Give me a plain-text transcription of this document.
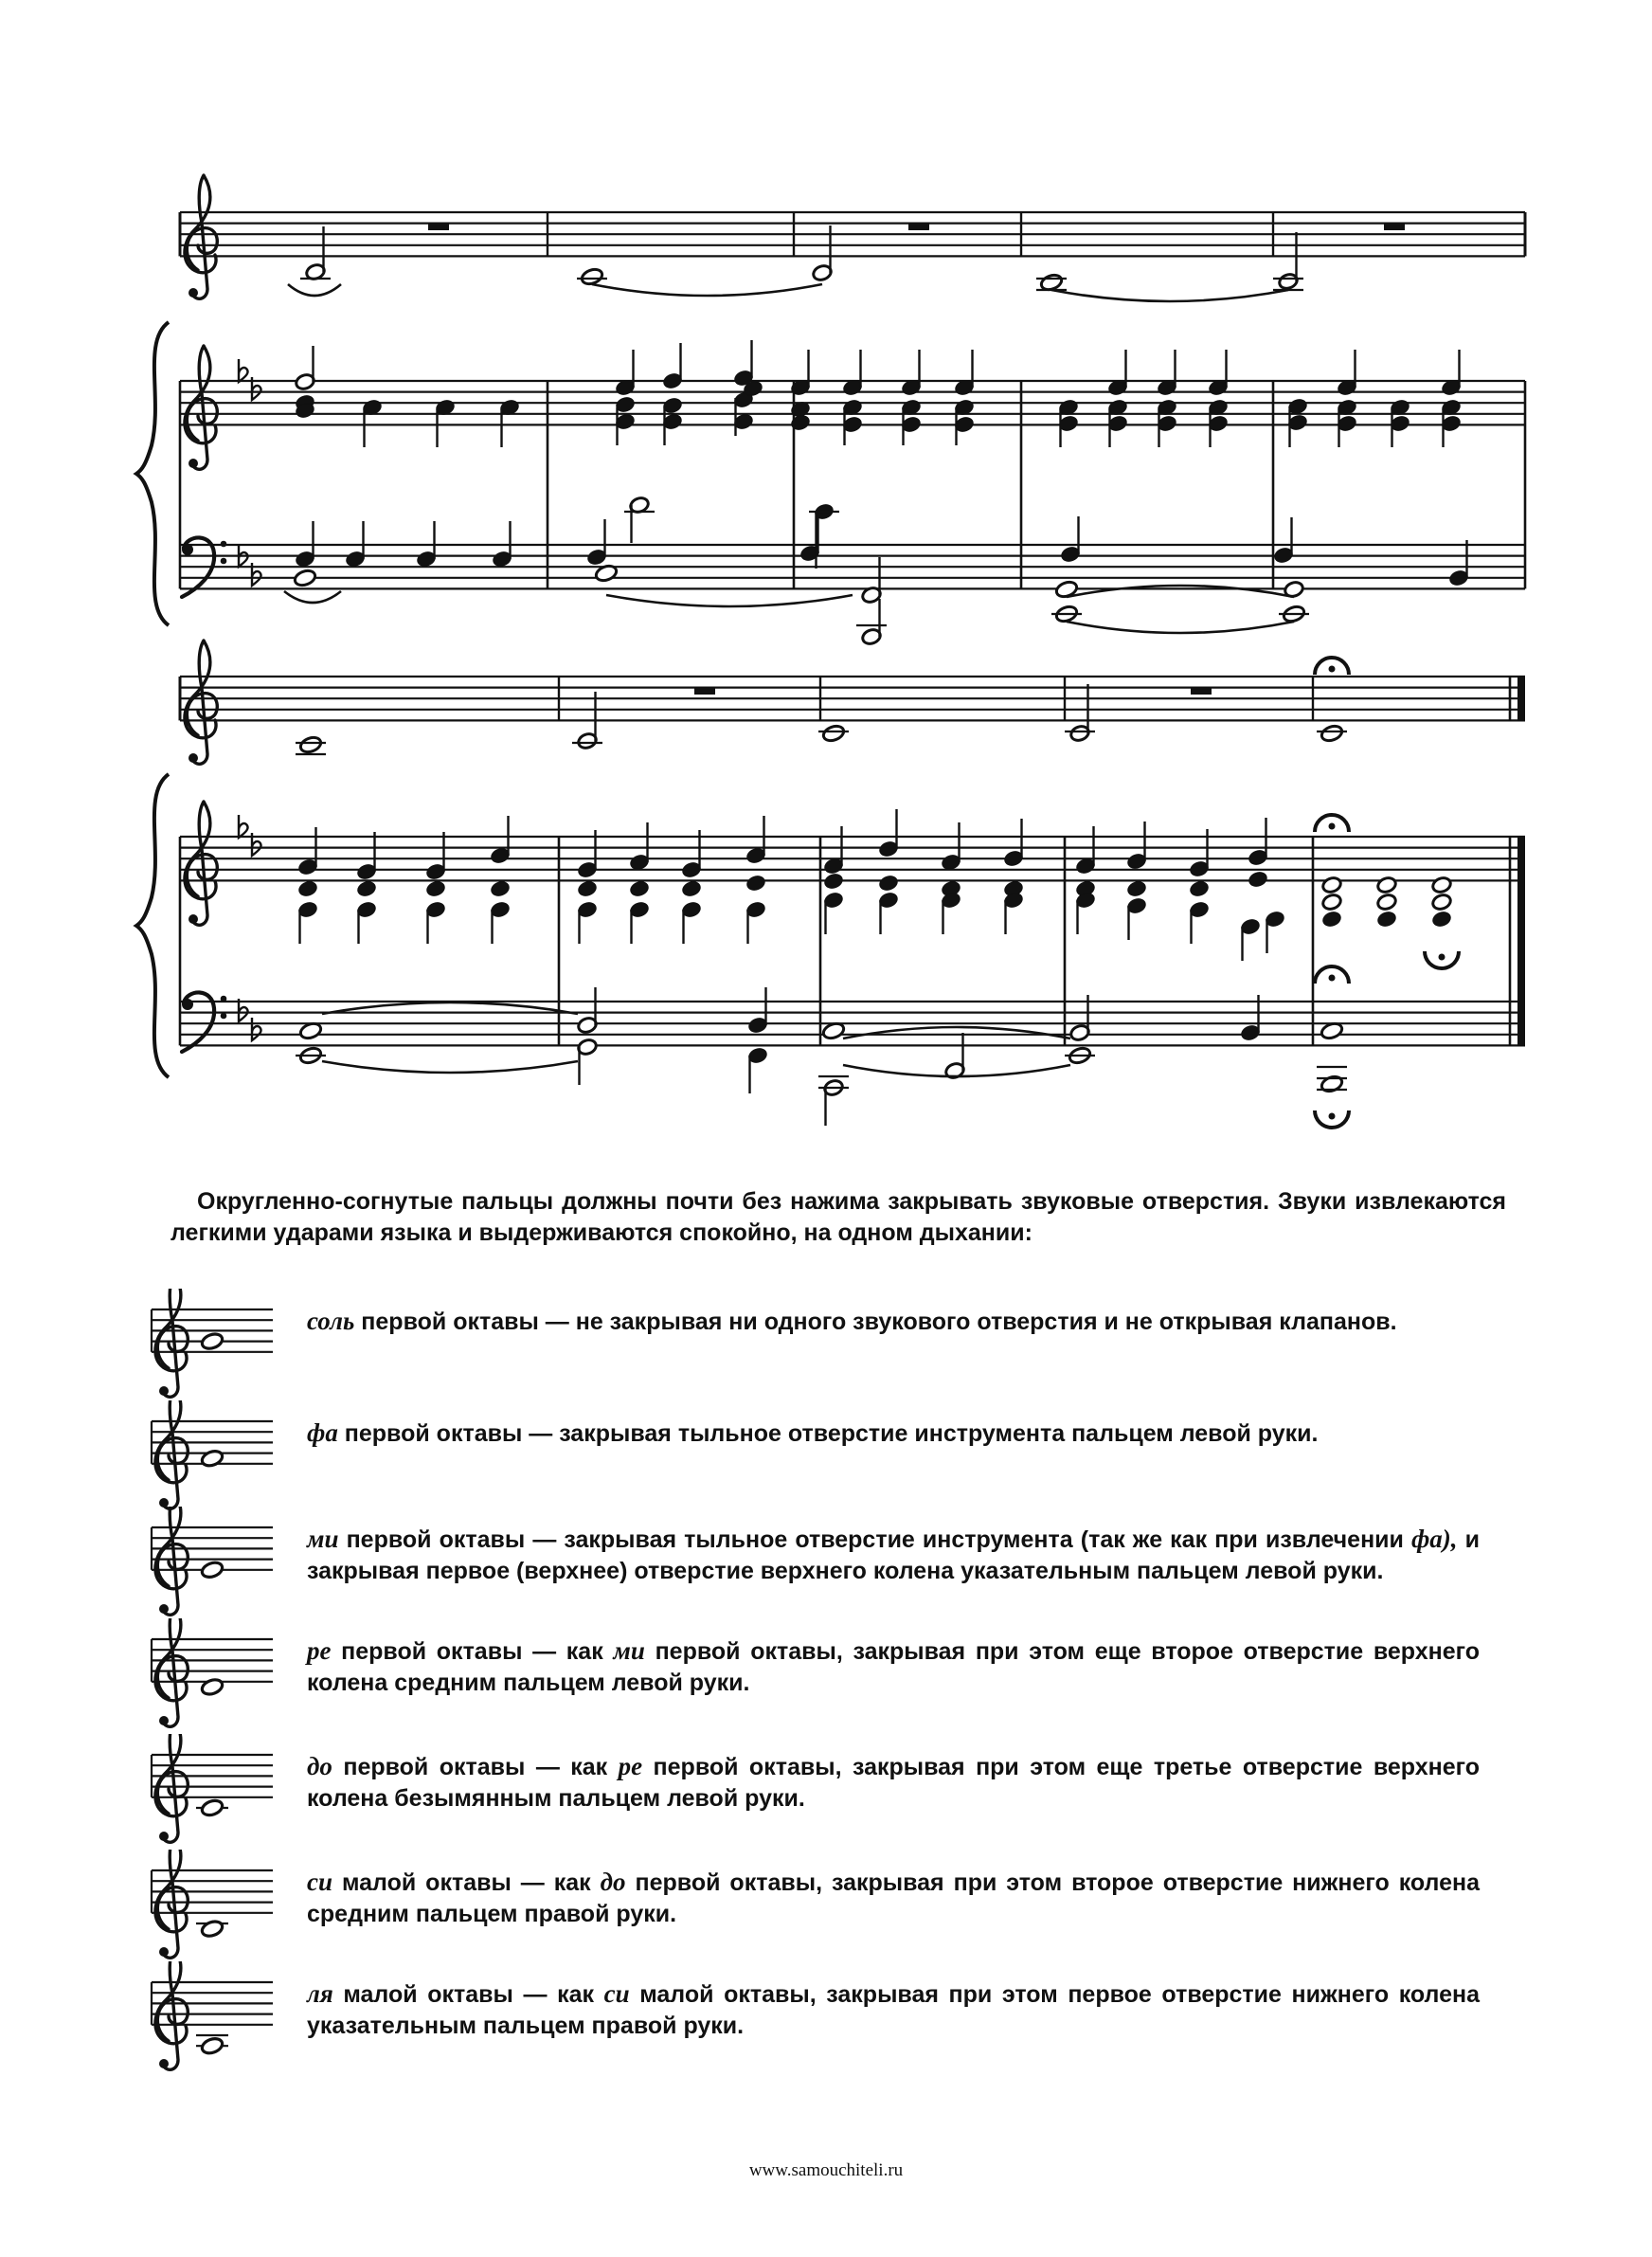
Округленно-согнутые пальцы должны почти без нажима закрывать звуковые отверстия. Звуки извлекаются легкими ударами языка и выдерживаются спокойно, на одном дыхании:
соль первой октавы — не закрывая ни одного звукового отверстия и не открывая клапанов.
фа первой октавы — закрывая тыльное отверстие инструмента пальцем левой руки.
ми первой октавы — закрывая тыльное отверстие инструмента (так же как при извлечении фа), и закрывая первое (верхнее) отверстие верхнего колена указательным пальцем левой руки.
ре первой октавы — как ми первой октавы, закрывая при этом еще второе отверстие верхнего колена средним пальцем левой руки.
до первой октавы — как ре первой октавы, закрывая при этом еще третье отверстие верхнего колена безымянным пальцем левой руки.
си малой октавы — как до первой октавы, закрывая при этом второе отверстие нижнего колена средним пальцем правой руки.
ля малой октавы — как си малой октавы, закрывая при этом первое отверстие нижнего колена указательным пальцем правой руки.
www.samouchiteli.ru
